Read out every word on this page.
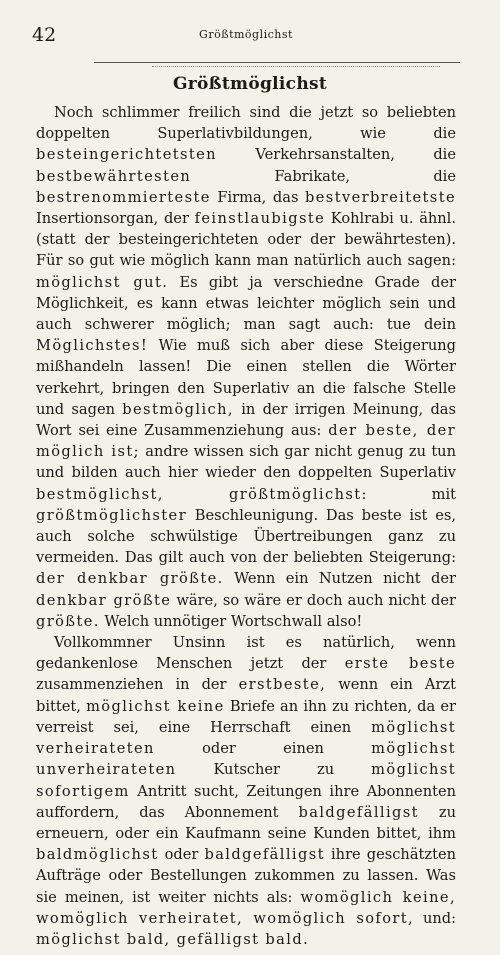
42	Größtmöglichst
Größtmöglichst

Noch schlimmer freilich sind die jetzt so beliebten doppelten Superlativbildungen, wie die besteingerichtetsten Verkehrsanstalten, die bestbewährtesten Fabrikate, die bestrenommierteste Firma, das bestverbreitetste Insertionsorgan, der feinstlaubigste Kohlrabi u. ähnl. (statt der besteingerichteten oder der bewährtesten). Für so gut wie möglich kann man natürlich auch sagen: möglichst gut. Es gibt ja verschiedne Grade der Möglichkeit, es kann etwas leichter möglich sein und auch schwerer möglich; man sagt auch: tue dein Möglichstes! Wie muß sich aber diese Steigerung mißhandeln lassen! Die einen stellen die Wörter verkehrt, bringen den Superlativ an die falsche Stelle und sagen bestmöglich, in der irrigen Meinung, das Wort sei eine Zusammenziehung aus: der beste, der möglich ist; andre wissen sich gar nicht genug zu tun und bilden auch hier wieder den doppelten Superlativ bestmöglichst, größtmöglichst: mit größtmöglichster Beschleunigung. Das beste ist es, auch solche schwülstige Übertreibungen ganz zu vermeiden. Das gilt auch von der beliebten Steigerung: der denkbar größte. Wenn ein Nutzen nicht der denkbar größte wäre, so wäre er doch auch nicht der größte. Welch unnötiger Wortschwall also!

Vollkommner Unsinn ist es natürlich, wenn gedankenlose Menschen jetzt der erste beste zusammenziehen in der erstbeste, wenn ein Arzt bittet, möglichst keine Briefe an ihn zu richten, da er verreist sei, eine Herrschaft einen möglichst verheirateten oder einen möglichst unverheirateten Kutscher zu möglichst sofortigem Antritt sucht, Zeitungen ihre Abonnenten auffordern, das Abonnement baldgefälligst zu erneuern, oder ein Kaufmann seine Kunden bittet, ihm baldmöglichst oder baldgefälligst ihre geschätzten Aufträge oder Bestellungen zukommen zu lassen. Was sie meinen, ist weiter nichts als: womöglich keine, womöglich verheiratet, womöglich sofort, und: möglichst bald, gefälligst bald.
